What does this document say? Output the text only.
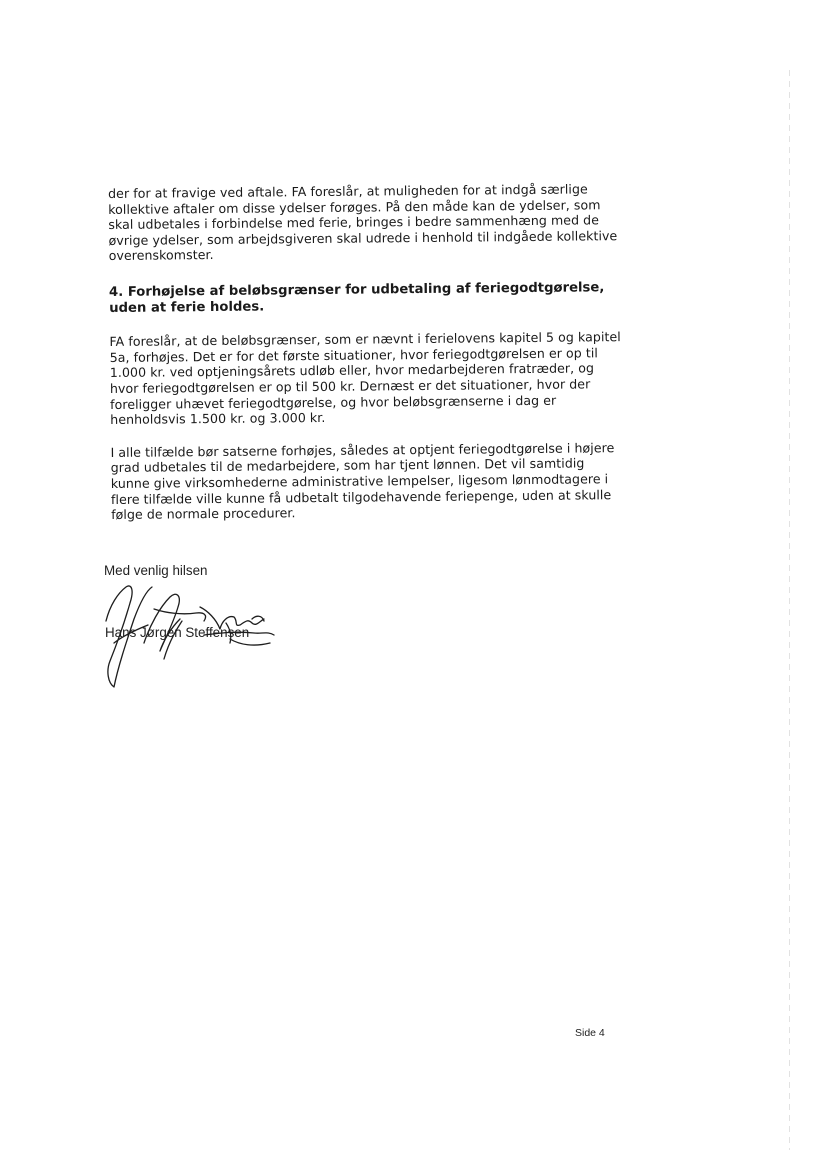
der for at fravige ved aftale. FA foreslår, at muligheden for at indgå særlige kollektive aftaler om disse ydelser forøges. På den måde kan de ydelser, som skal udbetales i forbindelse med ferie, bringes i bedre sammenhæng med de øvrige ydelser, som arbejdsgiveren skal udrede i henhold til indgåede kollektive overenskomster.

4. Forhøjelse af beløbsgrænser for udbetaling af feriegodtgørelse, uden at ferie holdes.

FA foreslår, at de beløbsgrænser, som er nævnt i ferielovens kapitel 5 og kapitel 5a, forhøjes. Det er for det første situationer, hvor feriegodtgørelsen er op til 1.000 kr. ved optjeningsårets udløb eller, hvor medarbejderen fratræder, og hvor feriegodtgørelsen er op til 500 kr. Dernæst er det situationer, hvor der foreligger uhævet feriegodtgørelse, og hvor beløbsgrænserne i dag er henholdsvis 1.500 kr. og 3.000 kr.

I alle tilfælde bør satserne forhøjes, således at optjent feriegodtgørelse i højere grad udbetales til de medarbejdere, som har tjent lønnen. Det vil samtidig kunne give virksomhederne administrative lempelser, ligesom lønmodtagere i flere tilfælde ville kunne få udbetalt tilgodehavende feriepenge, uden at skulle følge de normale procedurer.

Med venlig hilsen
Hans Jørgen Steffensen
Side 4
